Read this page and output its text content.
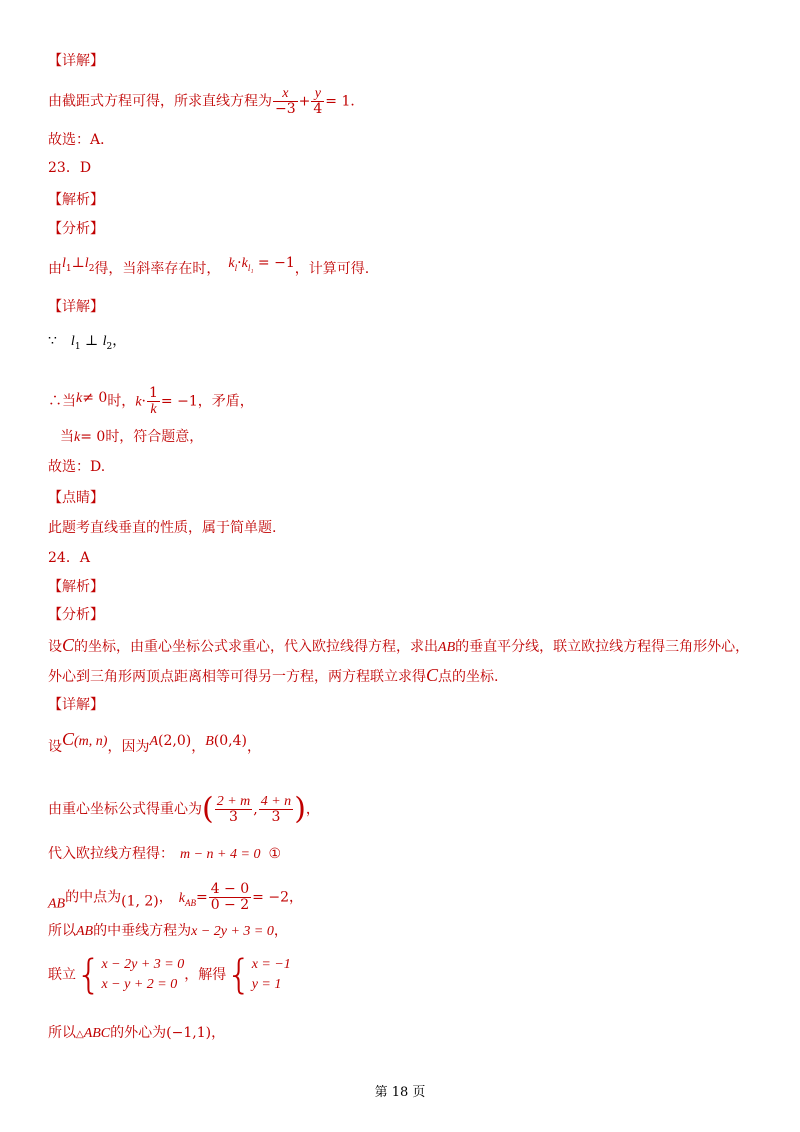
【详解】
由截距式方程可得，所求直线方程为 $\frac{x}{-3} + \frac{y}{4} = 1$．
故选：A．
23．D
【解析】
【分析】
由$l_1\perp l_2$得，当斜率存在时， $k_l\cdot k_{l_1} = -1$，计算可得.
【详解】
∵ $l_1$ ⊥ $l_2$，
∴当k≠ 0时，$k\cdot \frac{1}{k} = -1$，矛盾，
当k= 0时，符合题意，
故选：D.
【点睛】
此题考直线垂直的性质，属于简单题.
24．A
【解析】
【分析】
设C的坐标，由重心坐标公式求重心，代入欧拉线得方程，求出AB的垂直平分线，联立欧拉线方程得三角形外心，
外心到三角形两顶点距离相等可得另一方程，两方程联立求得C点的坐标.
【详解】
设C(m, n)，因为A(2,0)，B(0,4)，
由重心坐标公式得重心为( $\frac{2 + m}{3}$ , $\frac{4 + n}{3}$ )，
代入欧拉线方程得： m − n + 4 = 0 ①
AB的中点为(1, 2)， $k_{AB}= \frac{4 - 0}{0 - 2} = -2$，
所以AB的中垂线方程为x − 2y + 3 = 0，
联立{ x − 2y + 3 = 0
x − y + 2 = 0
，解得{ x = −1
y = 1
所以△ABC的外心为(−1,1)，
第 18 页
